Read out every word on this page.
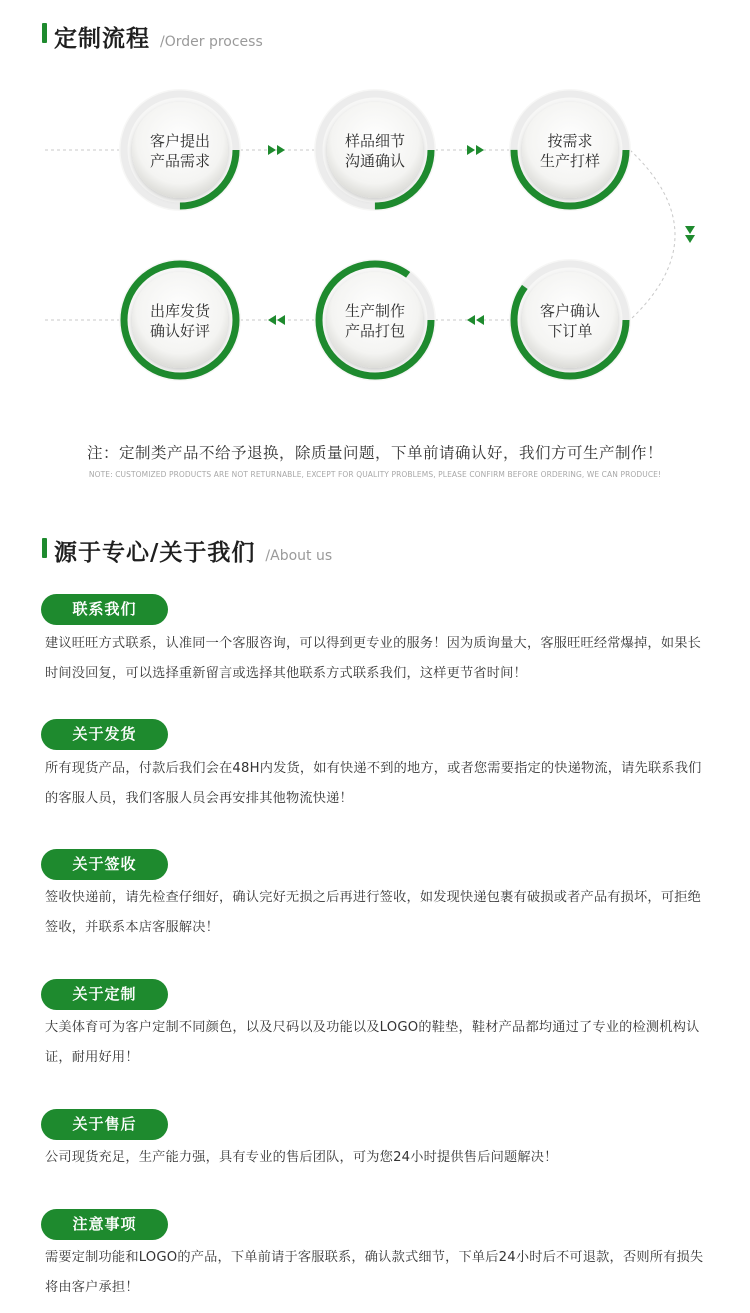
定制流程 /Order process
客户提出
产品需求
样品细节
沟通确认
按需求
生产打样
客户确认
下订单
生产制作
产品打包
出库发货
确认好评
注：定制类产品不给予退换，除质量问题，下单前请确认好，我们方可生产制作！
NOTE: CUSTOMIZED PRODUCTS ARE NOT RETURNABLE, EXCEPT FOR QUALITY PROBLEMS, PLEASE CONFIRM BEFORE ORDERING, WE CAN PRODUCE!
源于专心/关于我们 /About us
联系我们
建议旺旺方式联系，认准同一个客服咨询，可以得到更专业的服务！因为质询量大，客服旺旺经常爆掉，如果长时间没回复，可以选择重新留言或选择其他联系方式联系我们，这样更节省时间！
关于发货
所有现货产品，付款后我们会在48H内发货，如有快递不到的地方，或者您需要指定的快递物流，请先联系我们的客服人员，我们客服人员会再安排其他物流快递！
关于签收
签收快递前，请先检查仔细好，确认完好无损之后再进行签收，如发现快递包裹有破损或者产品有损坏，可拒绝签收，并联系本店客服解决！
关于定制
大美体育可为客户定制不同颜色，以及尺码以及功能以及LOGO的鞋垫，鞋材产品都均通过了专业的检测机构认证，耐用好用！
关于售后
公司现货充足，生产能力强，具有专业的售后团队，可为您24小时提供售后问题解决！
注意事项
需要定制功能和LOGO的产品，下单前请于客服联系，确认款式细节，下单后24小时后不可退款，否则所有损失将由客户承担！
